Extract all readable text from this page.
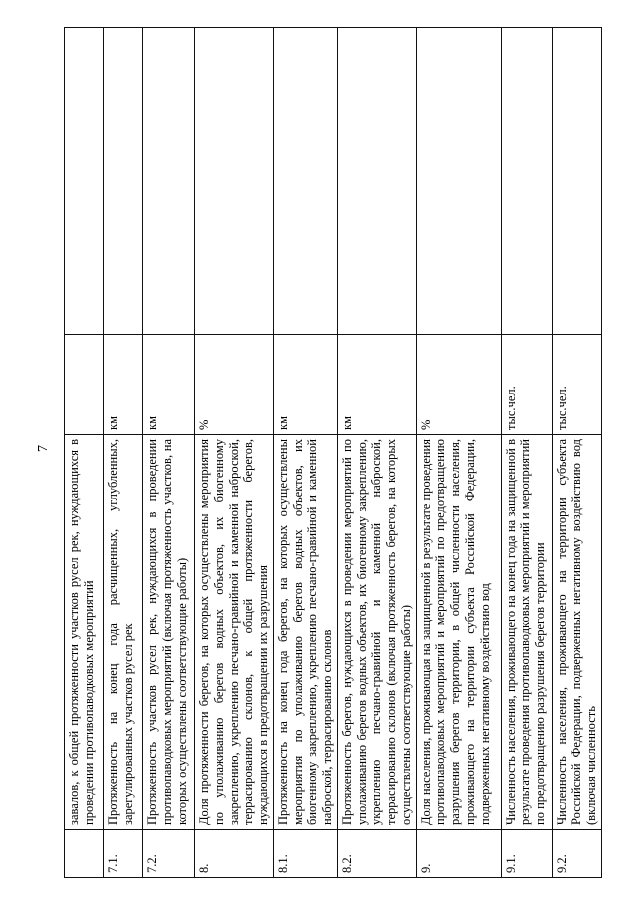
7
	завалов, к общей протяженности участков русел рек, нуждающихся в проведении противопаводковых мероприятий		
7.1.	Протяженность на конец года расчищенных, углубленных, зарегулированных участков русел рек	км	
7.2.	Протяженность участков русел рек, нуждающихся в проведении противопаводковых мероприятий (включая протяженность участков, на которых осуществлены соответствующие работы)	км	
8.	Доля протяженности берегов, на которых осуществлены мероприятия по уполаживанию берегов водных объектов, их биогенному закреплению, укреплению песчано-гравийной и каменной наброской, террасированию склонов, к общей протяженности берегов, нуждающихся в предотвращении их разрушения	%	
8.1.	Протяженность на конец года берегов, на которых осуществлены мероприятия по уполаживанию берегов водных объектов, их биогенному закреплению, укреплению песчано-гравийной и каменной наброской, террасированию склонов	км	
8.2.	Протяженность берегов, нуждающихся в проведении мероприятий по уполаживанию берегов водных объектов, их биогенному закреплению, укреплению песчано-гравийной и каменной наброской, террасированию склонов (включая протяженность берегов, на которых осуществлены соответствующие работы)	км	
9.	Доля населения, проживающая на защищенной в результате проведения противопаводковых мероприятий и мероприятий по предотвращению разрушения берегов территории, в общей численности населения, проживающего на территории субъекта Российской Федерации, подверженных негативному воздействию вод	%	
9.1.	Численность населения, проживающего на конец года на защищенной в результате проведения противопаводковых мероприятий и мероприятий по предотвращению разрушения берегов территории	тыс.чел.	
9.2.	Численность населения, проживающего на территории субъекта Российской Федерации, подверженных негативному воздействию вод (включая численность	тыс.чел.	
